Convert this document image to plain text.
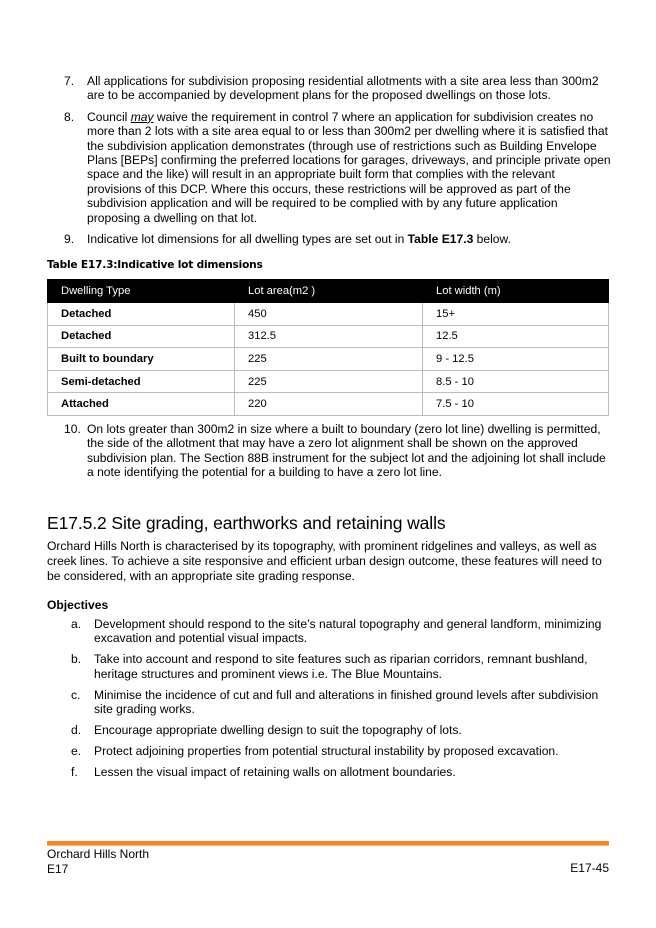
7. All applications for subdivision proposing residential allotments with a site area less than 300m2 are to be accompanied by development plans for the proposed dwellings on those lots.
8. Council may waive the requirement in control 7 where an application for subdivision creates no more than 2 lots with a site area equal to or less than 300m2 per dwelling where it is satisfied that the subdivision application demonstrates (through use of restrictions such as Building Envelope Plans [BEPs] confirming the preferred locations for garages, driveways, and principle private open space and the like) will result in an appropriate built form that complies with the relevant provisions of this DCP. Where this occurs, these restrictions will be approved as part of the subdivision application and will be required to be complied with by any future application proposing a dwelling on that lot.
9. Indicative lot dimensions for all dwelling types are set out in Table E17.3 below.
Table E17.3:Indicative lot dimensions
Dwelling Type	Lot area(m2 )	Lot width (m)
Detached	450	15+
Detached	312.5	12.5
Built to boundary	225	9 - 12.5
Semi-detached	225	8.5 - 10
Attached	220	7.5 - 10
10. On lots greater than 300m2 in size where a built to boundary (zero lot line) dwelling is permitted, the side of the allotment that may have a zero lot alignment shall be shown on the approved subdivision plan. The Section 88B instrument for the subject lot and the adjoining lot shall include a note identifying the potential for a building to have a zero lot line.
E17.5.2 Site grading, earthworks and retaining walls

Orchard Hills North is characterised by its topography, with prominent ridgelines and valleys, as well as creek lines. To achieve a site responsive and efficient urban design outcome, these features will need to be considered, with an appropriate site grading response.

Objectives
a. Development should respond to the site’s natural topography and general landform, minimizing excavation and potential visual impacts.
b. Take into account and respond to site features such as riparian corridors, remnant bushland, heritage structures and prominent views i.e. The Blue Mountains.
c. Minimise the incidence of cut and full and alterations in finished ground levels after subdivision site grading works.
d. Encourage appropriate dwelling design to suit the topography of lots.
e. Protect adjoining properties from potential structural instability by proposed excavation.
f. Lessen the visual impact of retaining walls on allotment boundaries.
Orchard Hills North
E17	E17-45
